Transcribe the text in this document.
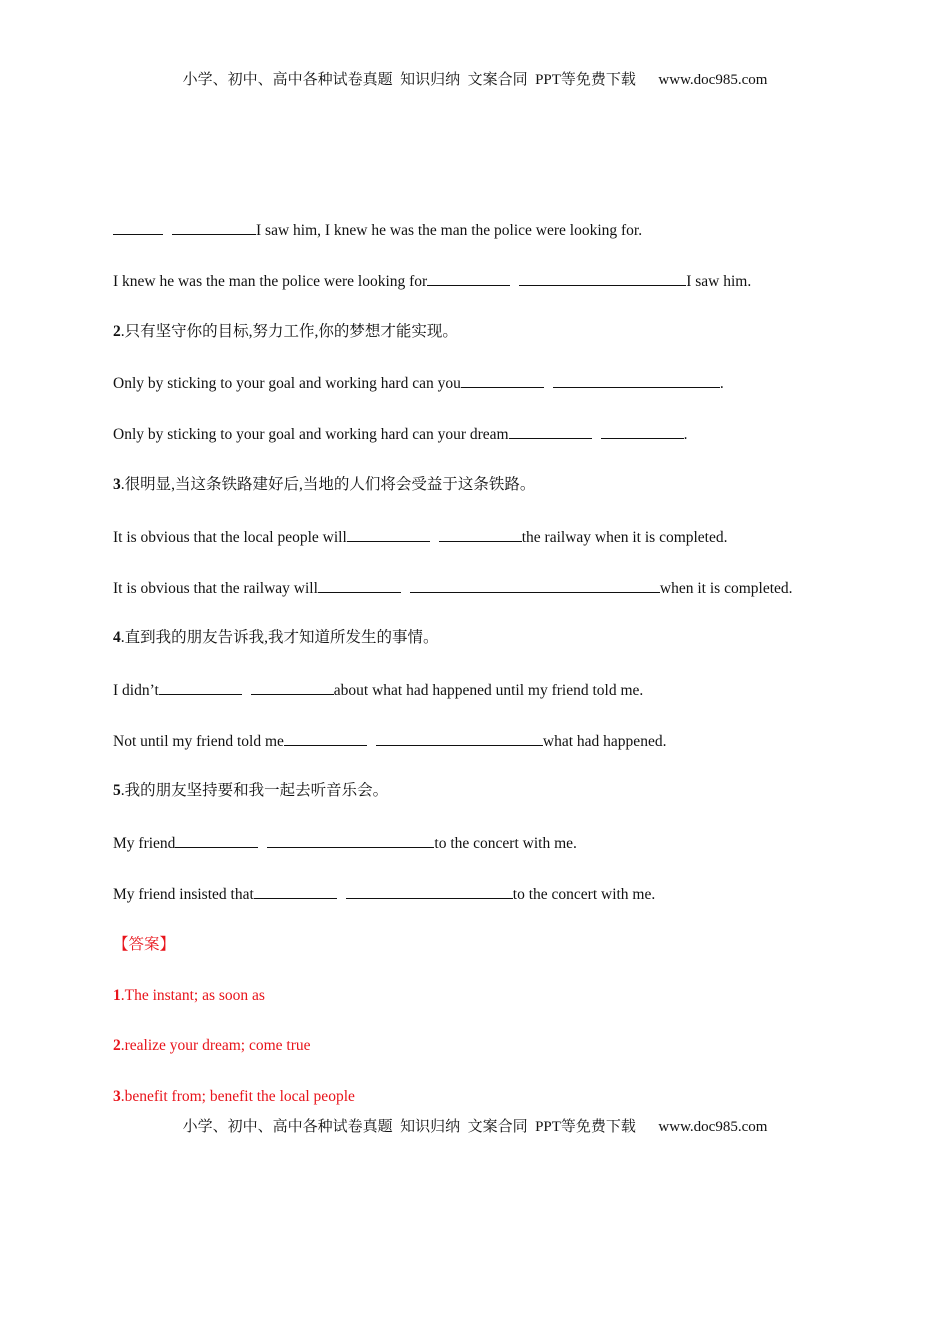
小学、初中、高中各种试卷真题  知识归纳  文案合同  PPT等免费下载      www.doc985.com
I saw him, I knew he was the man the police were looking for.
I knew he was the man the police were looking for	I saw him.
2.只有坚守你的目标,努力工作,你的梦想才能实现。
Only by sticking to your goal and working hard can you	.
Only by sticking to your goal and working hard can your dream	.
3.很明显,当这条铁路建好后,当地的人们将会受益于这条铁路。
It is obvious that the local people will	the railway when it is completed.
It is obvious that the railway will	when it is completed.
4.直到我的朋友告诉我,我才知道所发生的事情。
I didn’t	about what had happened until my friend told me.
Not until my friend told me	what had happened.
5.我的朋友坚持要和我一起去听音乐会。
My friend	to the concert with me.
My friend insisted that	to the concert with me.
【答案】
1.The instant; as soon as
2.realize your dream; come true
3.benefit from; benefit the local people
小学、初中、高中各种试卷真题  知识归纳  文案合同  PPT等免费下载      www.doc985.com
